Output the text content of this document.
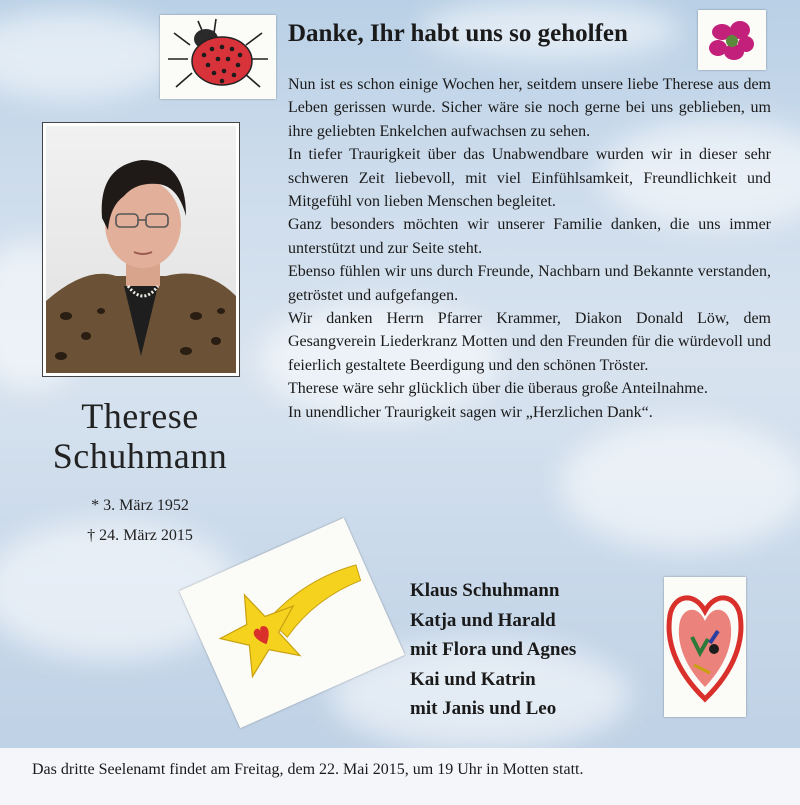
Therese
Schuhmann
* 3. März 1952
† 24. März 2015
Danke, Ihr habt uns so geholfen

Nun ist es schon einige Wochen her, seitdem unsere liebe Therese aus dem Leben gerissen wurde. Sicher wäre sie noch gerne bei uns geblieben, um ihre geliebten Enkelchen aufwachsen zu sehen.

In tiefer Traurigkeit über das Unabwendbare wurden wir in dieser sehr schweren Zeit liebevoll, mit viel Einfühlsamkeit, Freundlichkeit und Mitgefühl von lieben Menschen begleitet.

Ganz besonders möchten wir unserer Familie danken, die uns immer unterstützt und zur Seite steht.

Ebenso fühlen wir uns durch Freunde, Nachbarn und Bekannte verstanden, getröstet und aufgefangen.

Wir danken Herrn Pfarrer Krammer, Diakon Donald Löw, dem Gesangverein Liederkranz Motten und den Freunden für die würdevoll und feierlich gestaltete Beerdigung und den schönen Tröster.

Therese wäre sehr glücklich über die überaus große Anteilnahme.

In unendlicher Traurigkeit sagen wir „Herzlichen Dank“.

Klaus Schuhmann
Katja und Harald
mit Flora und Agnes
Kai und Katrin
mit Janis und Leo
Das dritte Seelenamt findet am Freitag, dem 22. Mai 2015, um 19 Uhr in Motten statt.
